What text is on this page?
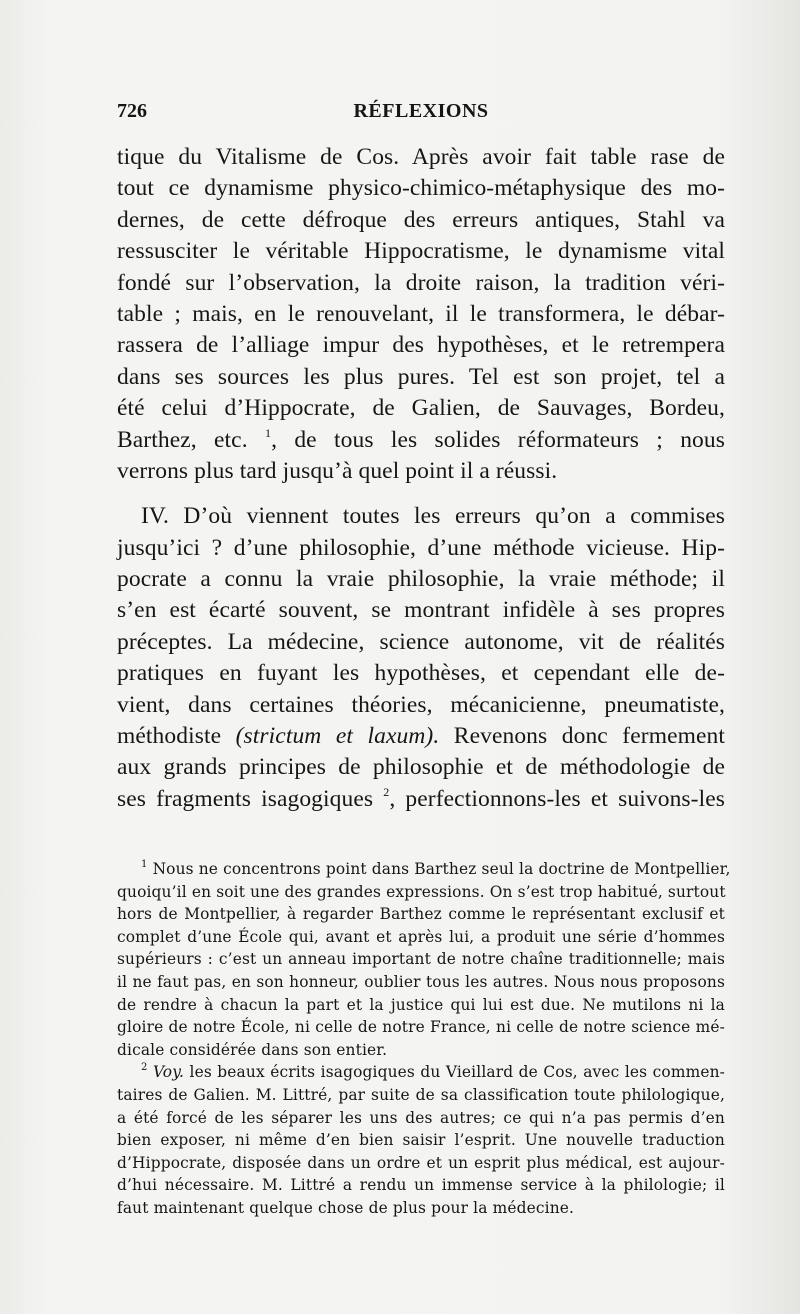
726	RÉFLEXIONS
tique du Vitalisme de Cos. Après avoir fait table rase de
tout ce dynamisme physico-chimico-métaphysique des mo-
dernes, de cette défroque des erreurs antiques, Stahl va
ressusciter le véritable Hippocratisme, le dynamisme vital
fondé sur l’observation, la droite raison, la tradition véri-
table ; mais, en le renouvelant, il le transformera, le débar-
rassera de l’alliage impur des hypothèses, et le retrempera
dans ses sources les plus pures. Tel est son projet, tel a
été celui d’Hippocrate, de Galien, de Sauvages, Bordeu,
Barthez, etc. $^1$, de tous les solides réformateurs ; nous
verrons plus tard jusqu’à quel point il a réussi.
IV. D’où viennent toutes les erreurs qu’on a commises
jusqu’ici ? d’une philosophie, d’une méthode vicieuse. Hip-
pocrate a connu la vraie philosophie, la vraie méthode; il
s’en est écarté souvent, se montrant infidèle à ses propres
préceptes. La médecine, science autonome, vit de réalités
pratiques en fuyant les hypothèses, et cependant elle de-
vient, dans certaines théories, mécanicienne, pneumatiste,
méthodiste (strictum et laxum). Revenons donc fermement
aux grands principes de philosophie et de méthodologie de
ses fragments isagogiques $^2$, perfectionnons-les et suivons-les
$^1$ Nous ne concentrons point dans Barthez seul la doctrine de Montpellier,
quoiqu’il en soit une des grandes expressions. On s’est trop habitué, surtout
hors de Montpellier, à regarder Barthez comme le représentant exclusif et
complet d’une École qui, avant et après lui, a produit une série d’hommes
supérieurs : c’est un anneau important de notre chaîne traditionnelle; mais
il ne faut pas, en son honneur, oublier tous les autres. Nous nous proposons
de rendre à chacun la part et la justice qui lui est due. Ne mutilons ni la
gloire de notre École, ni celle de notre France, ni celle de notre science mé-
dicale considérée dans son entier.
$^2$ Voy. les beaux écrits isagogiques du Vieillard de Cos, avec les commen-
taires de Galien. M. Littré, par suite de sa classification toute philologique,
a été forcé de les séparer les uns des autres; ce qui n’a pas permis d’en
bien exposer, ni même d’en bien saisir l’esprit. Une nouvelle traduction
d’Hippocrate, disposée dans un ordre et un esprit plus médical, est aujour-
d’hui nécessaire. M. Littré a rendu un immense service à la philologie; il
faut maintenant quelque chose de plus pour la médecine.
